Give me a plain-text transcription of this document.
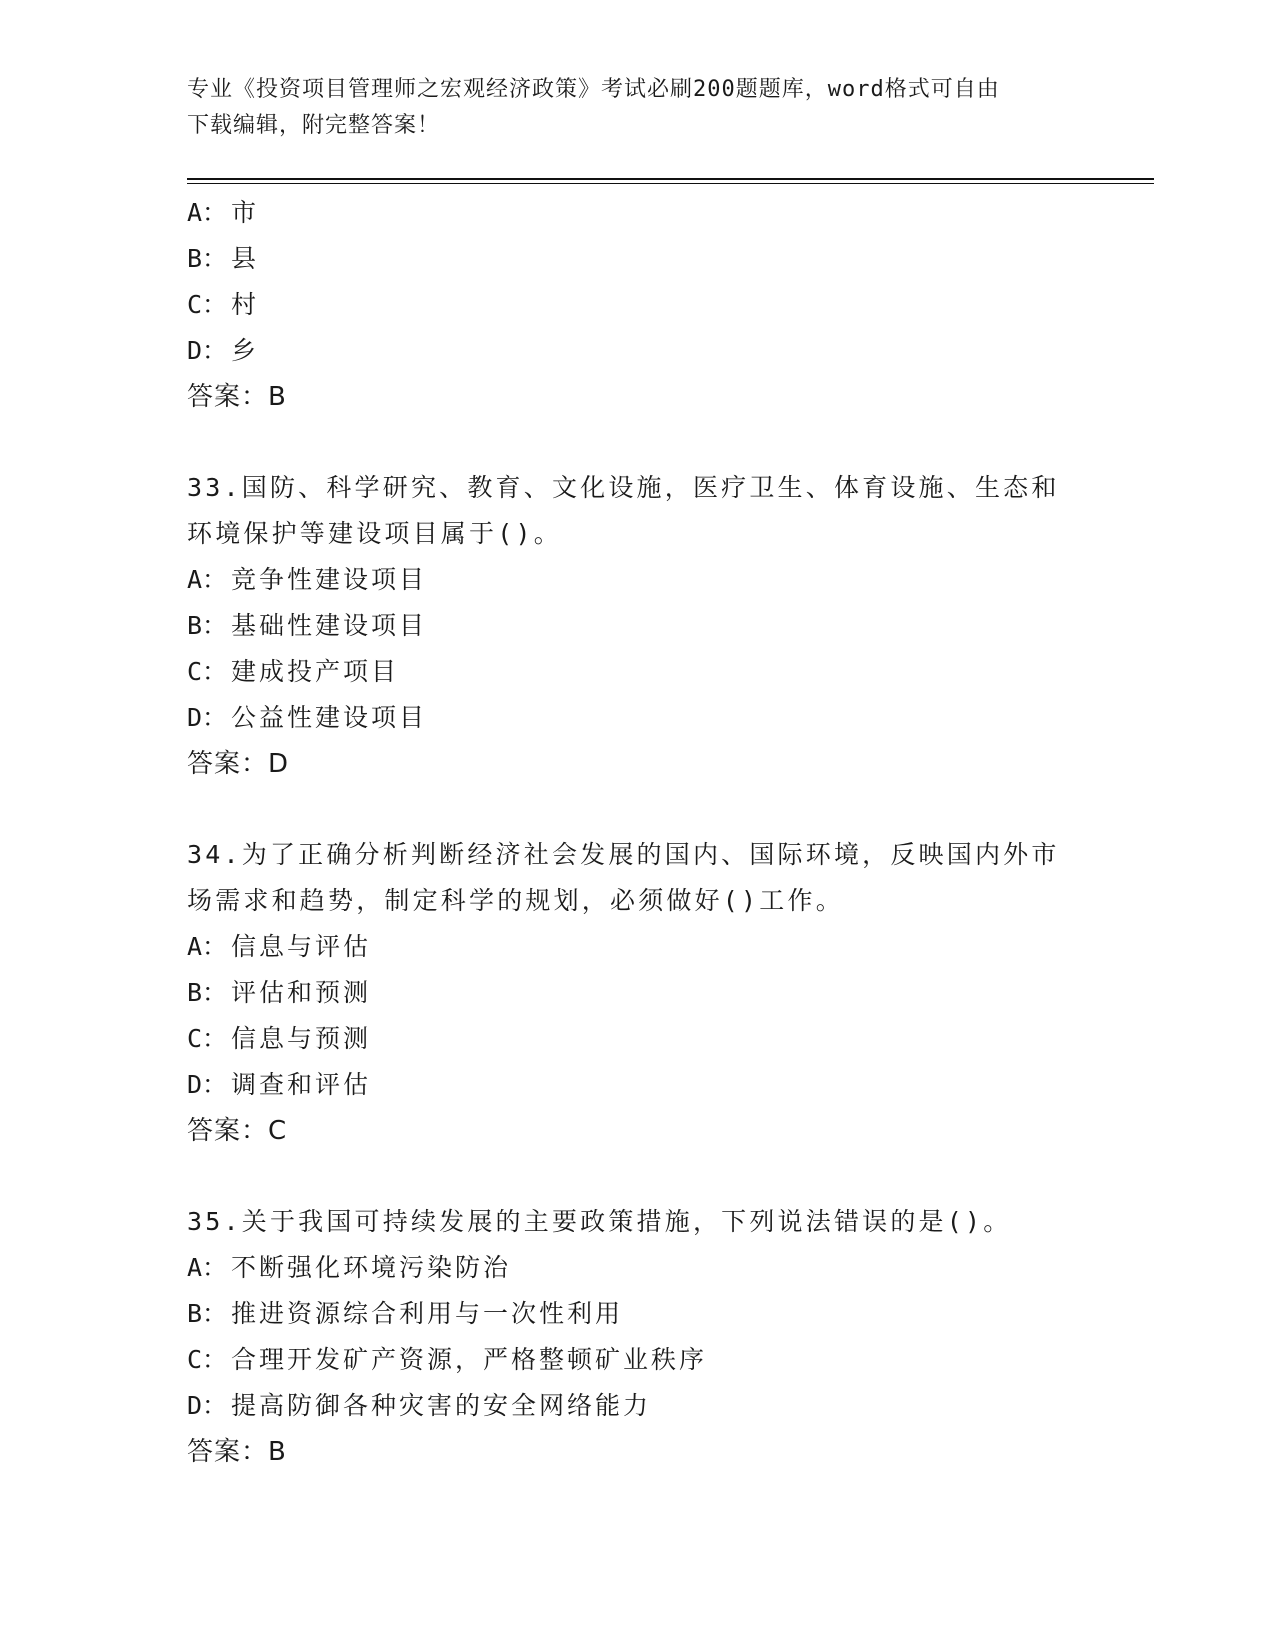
专业《投资项目管理师之宏观经济政策》考试必刷200题题库，word格式可自由
下载编辑，附完整答案！
A： 市
B： 县
C： 村
D： 乡
答案：B
33.国防、科学研究、教育、文化设施，医疗卫生、体育设施、生态和
环境保护等建设项目属于()。
A： 竞争性建设项目
B： 基础性建设项目
C： 建成投产项目
D： 公益性建设项目
答案：D
34.为了正确分析判断经济社会发展的国内、国际环境，反映国内外市
场需求和趋势，制定科学的规划，必须做好()工作。
A： 信息与评估
B： 评估和预测
C： 信息与预测
D： 调查和评估
答案：C
35.关于我国可持续发展的主要政策措施，下列说法错误的是()。
A： 不断强化环境污染防治
B： 推进资源综合利用与一次性利用
C： 合理开发矿产资源，严格整顿矿业秩序
D： 提高防御各种灾害的安全网络能力
答案：B
